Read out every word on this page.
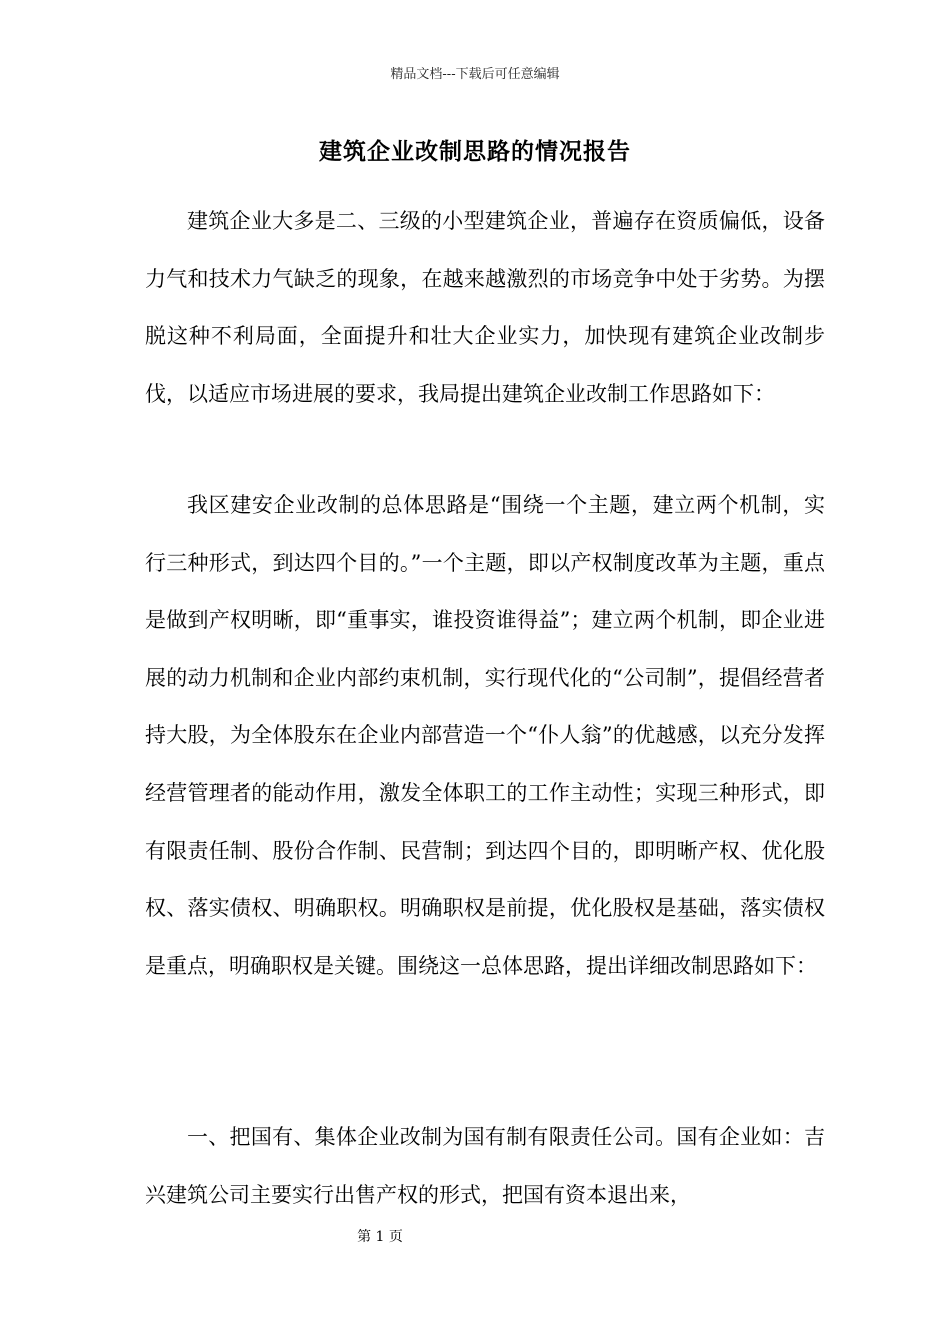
精品文档---下载后可任意编辑
建筑企业改制思路的情况报告

建筑企业大多是二、三级的小型建筑企业，普遍存在资质偏低，设备力气和技术力气缺乏的现象，在越来越激烈的市场竞争中处于劣势。为摆脱这种不利局面，全面提升和壮大企业实力，加快现有建筑企业改制步伐，以适应市场进展的要求，我局提出建筑企业改制工作思路如下：

我区建安企业改制的总体思路是“围绕一个主题，建立两个机制，实行三种形式，到达四个目的。”一个主题，即以产权制度改革为主题，重点是做到产权明晰，即“重事实，谁投资谁得益”；建立两个机制，即企业进展的动力机制和企业内部约束机制，实行现代化的“公司制”，提倡经营者持大股，为全体股东在企业内部营造一个“仆人翁”的优越感，以充分发挥经营管理者的能动作用，激发全体职工的工作主动性；实现三种形式，即有限责任制、股份合作制、民营制；到达四个目的，即明晰产权、优化股权、落实债权、明确职权。明确职权是前提，优化股权是基础，落实债权是重点，明确职权是关键。围绕这一总体思路，提出详细改制思路如下：

一、把国有、集体企业改制为国有制有限责任公司。国有企业如：吉兴建筑公司主要实行出售产权的形式，把国有资本退出来，

第 1 页
